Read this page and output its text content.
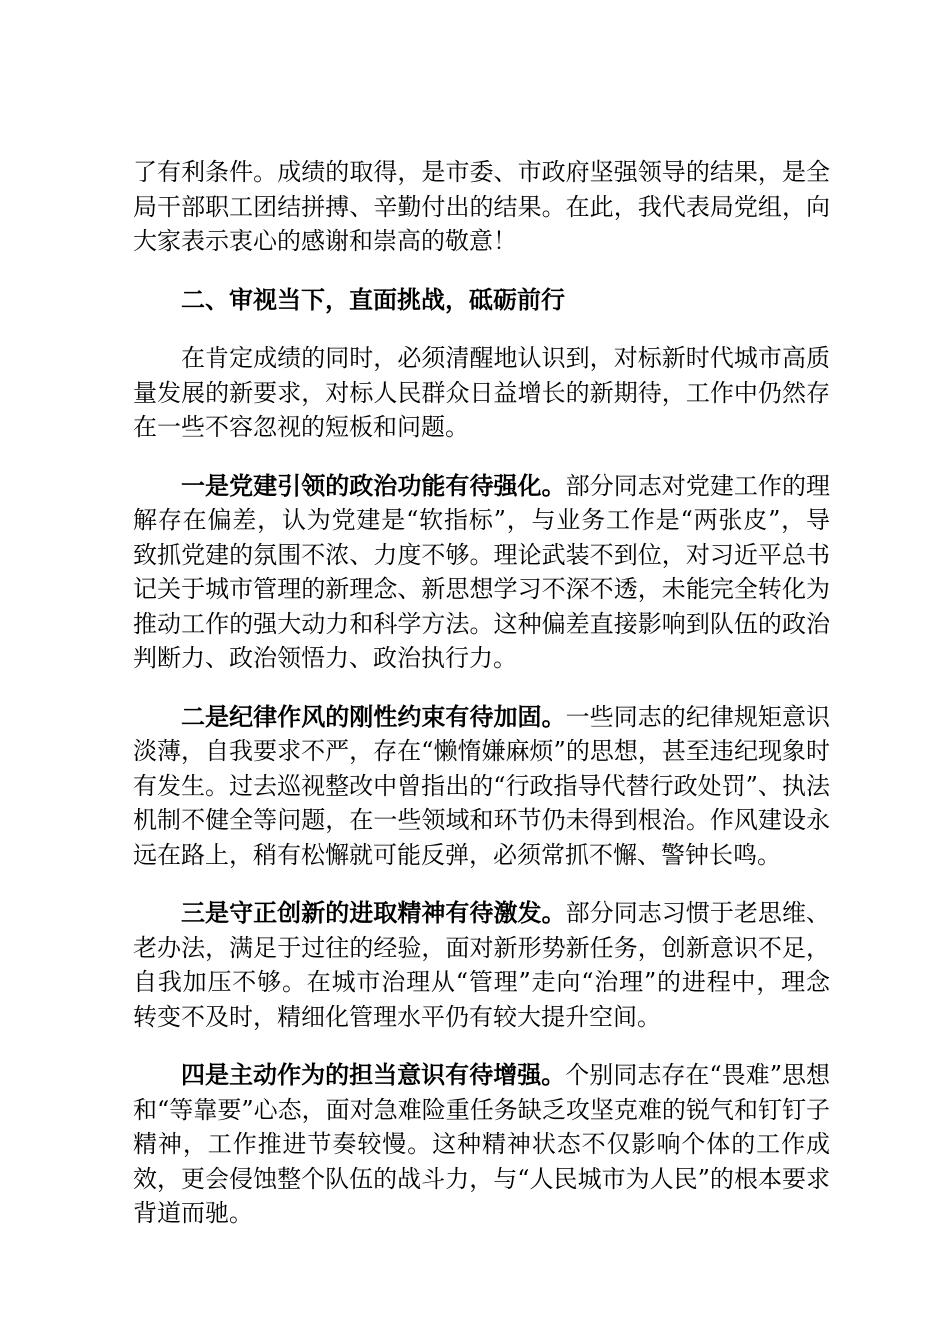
了有利条件。成绩的取得，是市委、市政府坚强领导的结果，是全局干部职工团结拼搏、辛勤付出的结果。在此，我代表局党组，向大家表示衷心的感谢和崇高的敬意！

二、审视当下，直面挑战，砥砺前行

在肯定成绩的同时，必须清醒地认识到，对标新时代城市高质量发展的新要求，对标人民群众日益增长的新期待，工作中仍然存在一些不容忽视的短板和问题。

一是党建引领的政治功能有待强化。部分同志对党建工作的理解存在偏差，认为党建是“软指标”，与业务工作是“两张皮”，导致抓党建的氛围不浓、力度不够。理论武装不到位，对习近平总书记关于城市管理的新理念、新思想学习不深不透，未能完全转化为推动工作的强大动力和科学方法。这种偏差直接影响到队伍的政治判断力、政治领悟力、政治执行力。

二是纪律作风的刚性约束有待加固。一些同志的纪律规矩意识淡薄，自我要求不严，存在“懒惰嫌麻烦”的思想，甚至违纪现象时有发生。过去巡视整改中曾指出的“行政指导代替行政处罚”、执法机制不健全等问题，在一些领域和环节仍未得到根治。作风建设永远在路上，稍有松懈就可能反弹，必须常抓不懈、警钟长鸣。

三是守正创新的进取精神有待激发。部分同志习惯于老思维、老办法，满足于过往的经验，面对新形势新任务，创新意识不足，自我加压不够。在城市治理从“管理”走向“治理”的进程中，理念转变不及时，精细化管理水平仍有较大提升空间。

四是主动作为的担当意识有待增强。个别同志存在“畏难”思想和“等靠要”心态，面对急难险重任务缺乏攻坚克难的锐气和钉钉子精神，工作推进节奏较慢。这种精神状态不仅影响个体的工作成效，更会侵蚀整个队伍的战斗力，与“人民城市为人民”的根本要求背道而驰。
